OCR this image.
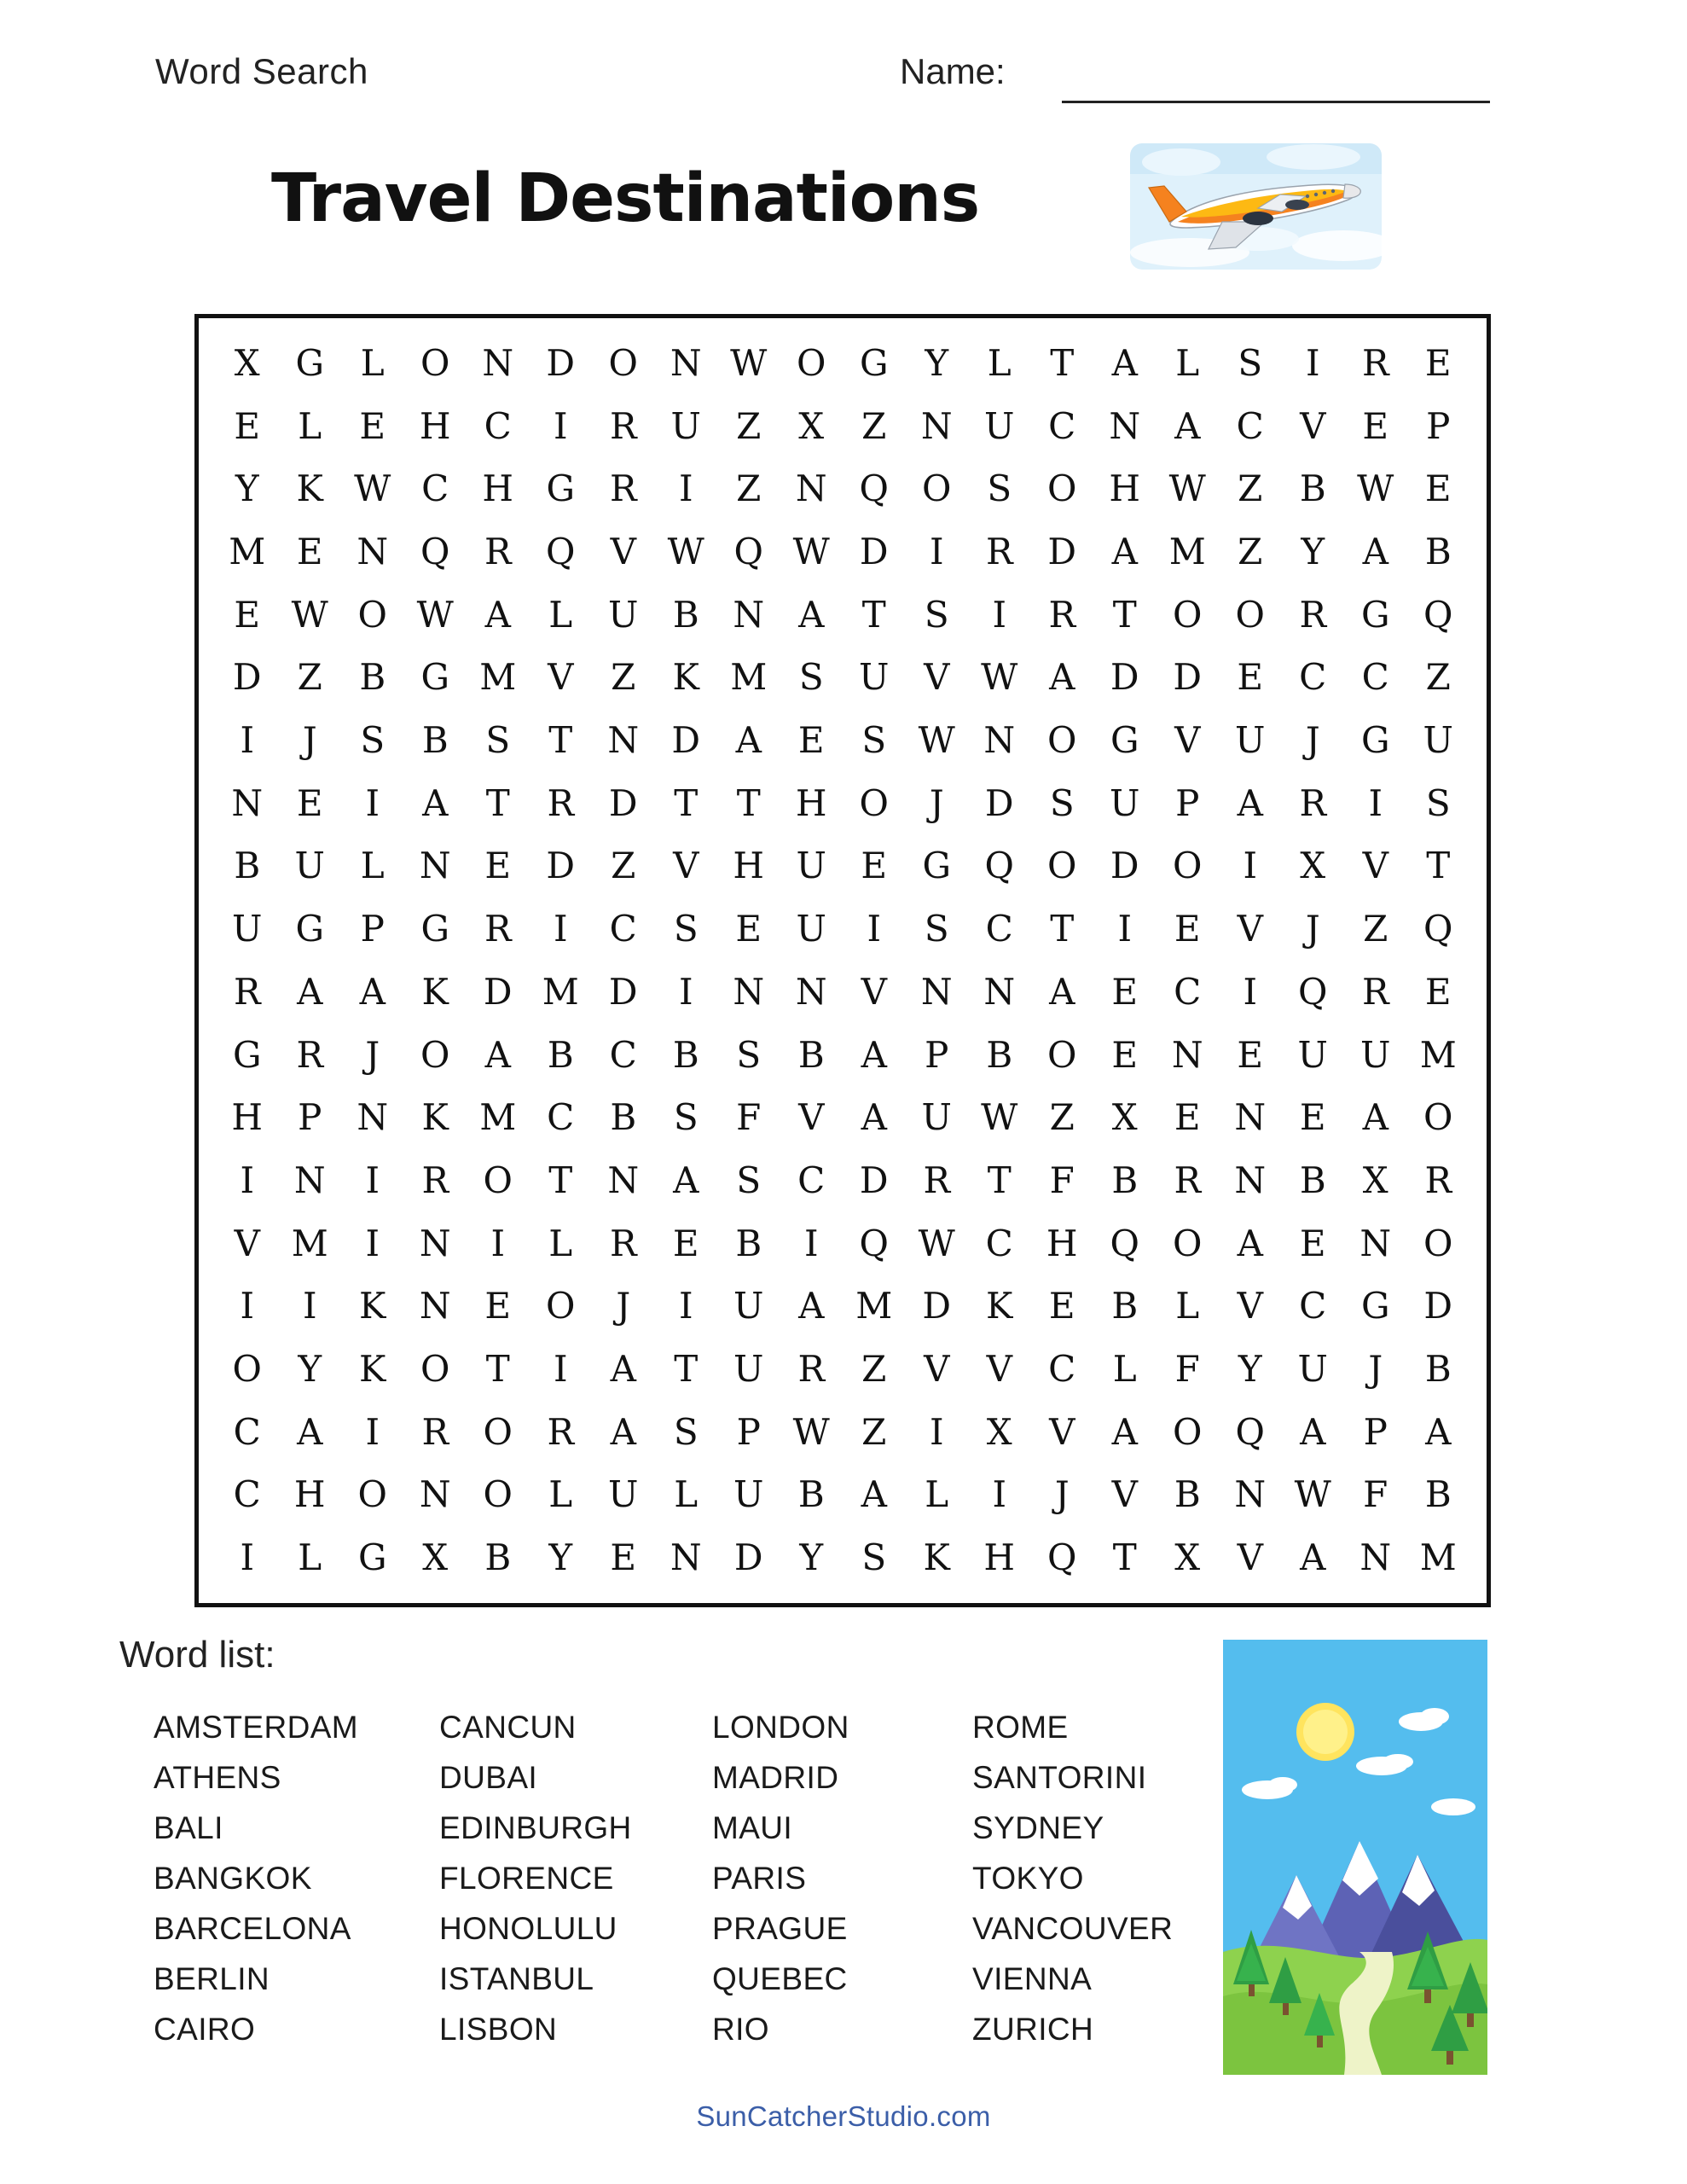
Word Search	Name:
Travel Destinations
X G	L	O N D O N W O G	Y	L	T	A	L	S	I	R	E
E	L	E H C	I	R U Z	X	Z N U C N A	C	V	E	P
Y	K W C H G R	I	Z N Q O S O H W Z	B W E
M E N Q R Q V W Q W D	I	R D A M Z	Y	A	B
E W O W A	L U B N A	T	S	I	R	T	O O R G Q
D	Z	B G M V	Z	K M S U V W A D D E	C C	Z
I	J	S	B	S	T N D A	E	S W N O G V U	J	G U
N E	I	A	T	R D	T	T H O	J	D	S U P	A	R	I	S
B U L N E D	Z	V H U E G Q O D O	I	X	V	T
U G	P	G R	I	C	S	E U	I	S	C	T	I	E	V	J	Z Q
R	A	A	K D M D	I	N N V N N A	E	C	I	Q R	E
G R	J	O A	B C	B	S	B	A	P	B O E N E U U M
H P N K M C	B	S	F	V	A U W Z	X	E N E	A O
I	N	I	R O	T N A	S	C D R	T	F	B	R N B	X	R
V M	I	N	I	L	R	E	B	I	Q W C H Q O A	E N O
I	I	K N E O	J	I	U A M D K	E	B	L	V	C G D
O	Y	K O	T	I	A	T U R	Z	V	V	C	L	F	Y U	J	B
C	A	I	R O R	A	S	P W Z	I	X	V	A O Q A	P	A
C H O N O	L U L U B	A	L	I	J	V	B N W F	B
I	L	G X	B	Y	E N D	Y	S	K H Q	T	X	V	A N M
Word list:
AMSTERDAM	CANCUN	LONDON	ROME
ATHENS	DUBAI	MADRID	SANTORINI
BALI	EDINBURGH	MAUI	SYDNEY
BANGKOK	FLORENCE	PARIS	TOKYO
BARCELONA	HONOLULU	PRAGUE	VANCOUVER
BERLIN	ISTANBUL	QUEBEC	VIENNA
CAIRO	LISBON	RIO	ZURICH
SunCatcherStudio.com
